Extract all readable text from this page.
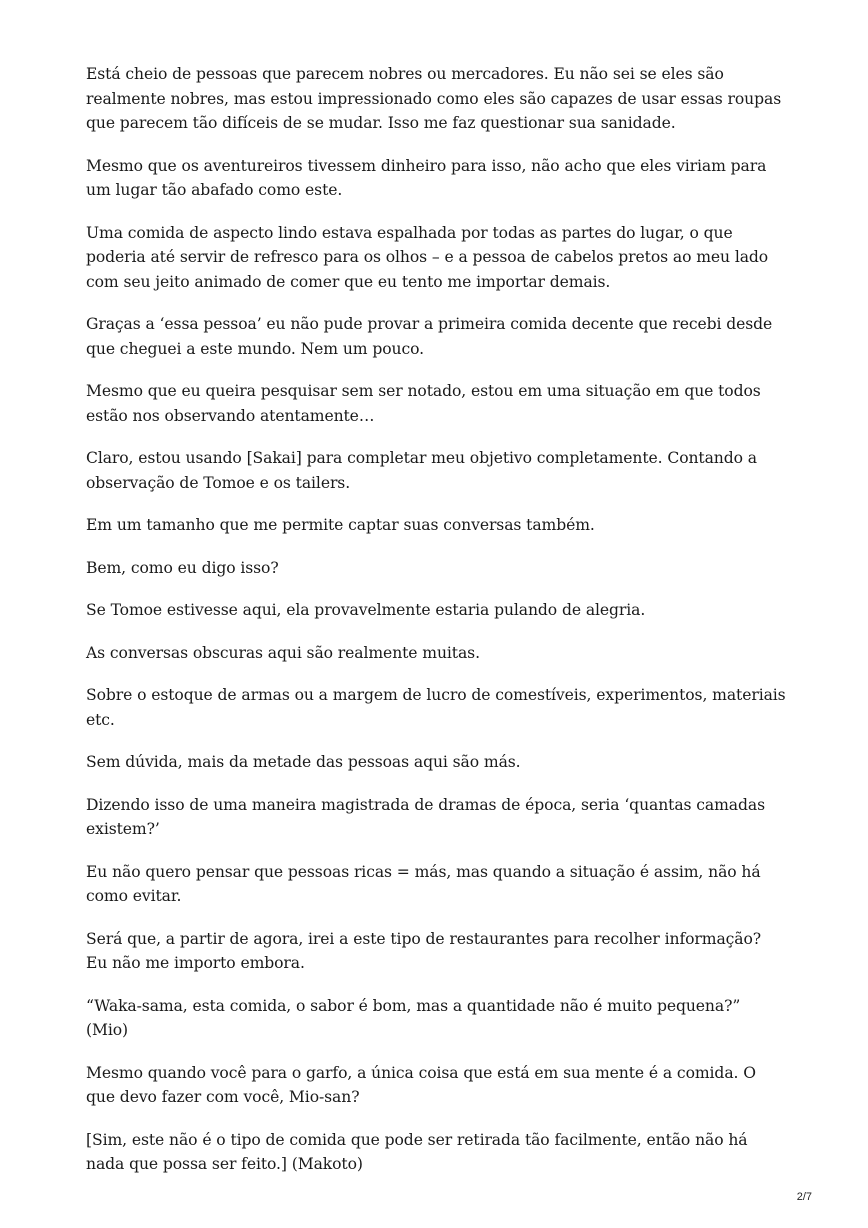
Está cheio de pessoas que parecem nobres ou mercadores. Eu não sei se eles são realmente nobres, mas estou impressionado como eles são capazes de usar essas roupas que parecem tão difíceis de se mudar. Isso me faz questionar sua sanidade.

Mesmo que os aventureiros tivessem dinheiro para isso, não acho que eles viriam para um lugar tão abafado como este.

Uma comida de aspecto lindo estava espalhada por todas as partes do lugar, o que poderia até servir de refresco para os olhos – e a pessoa de cabelos pretos ao meu lado com seu jeito animado de comer que eu tento me importar demais.

Graças a ‘essa pessoa’ eu não pude provar a primeira comida decente que recebi desde que cheguei a este mundo. Nem um pouco.

Mesmo que eu queira pesquisar sem ser notado, estou em uma situação em que todos estão nos observando atentamente…

Claro, estou usando [Sakai] para completar meu objetivo completamente. Contando a observação de Tomoe e os tailers.

Em um tamanho que me permite captar suas conversas também.

Bem, como eu digo isso?

Se Tomoe estivesse aqui, ela provavelmente estaria pulando de alegria.

As conversas obscuras aqui são realmente muitas.

Sobre o estoque de armas ou a margem de lucro de comestíveis, experimentos, materiais etc.

Sem dúvida, mais da metade das pessoas aqui são más.

Dizendo isso de uma maneira magistrada de dramas de época, seria ‘quantas camadas existem?’

Eu não quero pensar que pessoas ricas = más, mas quando a situação é assim, não há como evitar.

Será que, a partir de agora, irei a este tipo de restaurantes para recolher informação? Eu não me importo embora.

“Waka-sama, esta comida, o sabor é bom, mas a quantidade não é muito pequena?” (Mio)

Mesmo quando você para o garfo, a única coisa que está em sua mente é a comida. O que devo fazer com você, Mio-san?

[Sim, este não é o tipo de comida que pode ser retirada tão facilmente, então não há nada que possa ser feito.] (Makoto)

2/7
